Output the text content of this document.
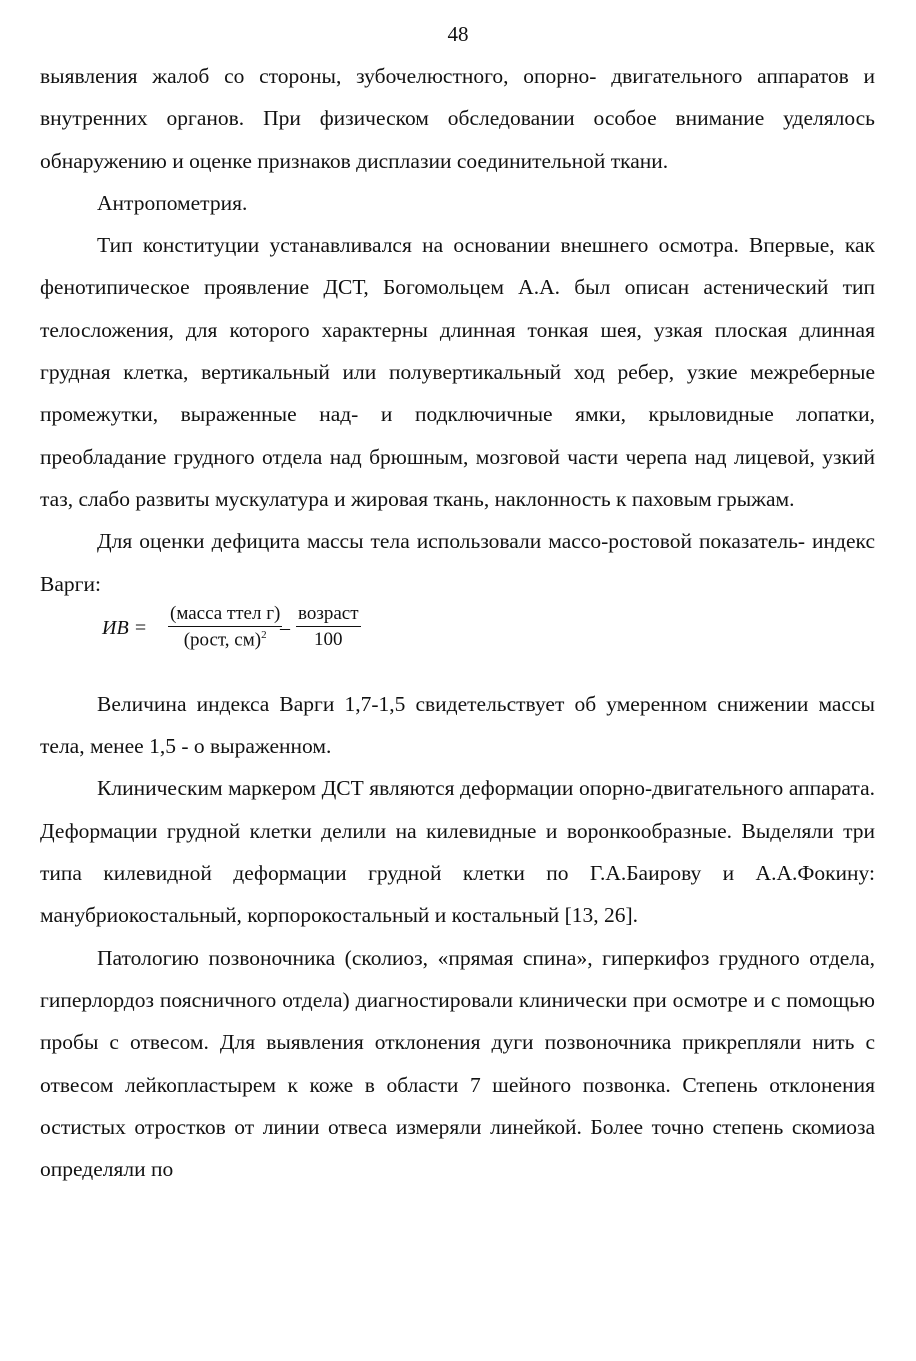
48

выявления жалоб со стороны, зубочелюстного, опорно- двигательного аппаратов и внутренних органов. При физическом обследовании особое внимание уделялось обнаружению и оценке признаков дисплазии соединительной ткани.

Антропометрия.

Тип конституции устанавливался на основании внешнего осмотра. Впервые, как фенотипическое проявление ДСТ, Богомольцем А.А. был описан астенический тип телосложения, для которого характерны длинная тонкая шея, узкая плоская длинная грудная клетка, вертикальный или полувертикальный ход ребер, узкие межреберные промежутки, выраженные над- и подключичные ямки, крыловидные лопатки, преобладание грудного отдела над брюшным, мозговой части черепа над лицевой, узкий таз, слабо развиты мускулатура и жировая ткань, наклонность к паховым грыжам.

Для оценки дефицита массы тела использовали массо-ростовой показатель- индекс Варги:

ИВ =
(масса ттел г)
(рост, см)$^2$ –
возраст
100

Величина индекса Варги 1,7-1,5 свидетельствует об умеренном снижении массы тела, менее 1,5 - о выраженном.

Клиническим маркером ДСТ являются деформации опорно-двигательного аппарата. Деформации грудной клетки делили на килевидные и воронкообразные. Выделяли три типа килевидной деформации грудной клетки по Г.А.Баирову и А.А.Фокину: манубриокостальный, корпорокостальный и костальный [13, 26].

Патологию позвоночника (сколиоз, «прямая спина», гиперкифоз грудного отдела, гиперлордоз поясничного отдела) диагностировали клинически при осмотре и с помощью пробы с отвесом. Для выявления отклонения дуги позвоночника прикрепляли нить с отвесом лейкопластырем к коже в области 7 шейного позвонка. Степень отклонения остистых отростков от линии отвеса измеряли линейкой. Более точно степень скомиоза определяли по
